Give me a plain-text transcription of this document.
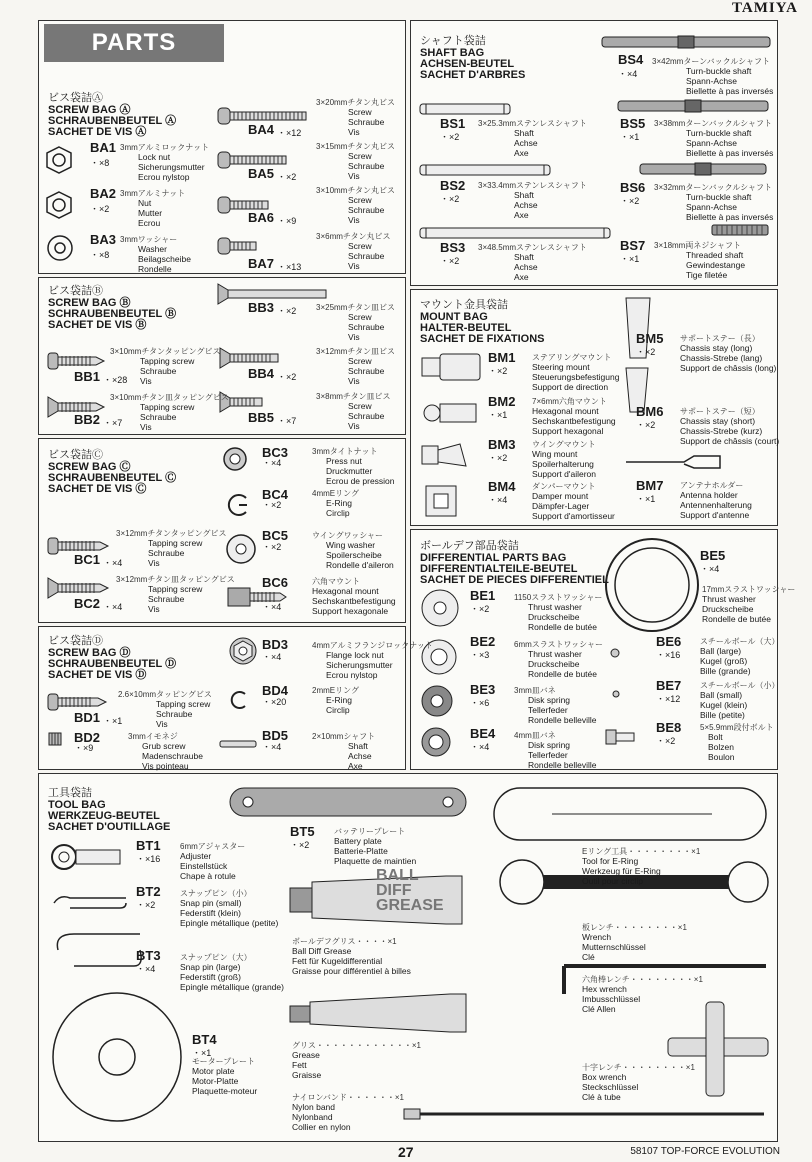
TAMIYA
PARTS
ビス袋詰Ⓐ
SCREW BAG Ⓐ
SCHRAUBENBEUTEL Ⓐ
SACHET DE VIS Ⓐ
ビス袋詰Ⓑ
SCREW BAG Ⓑ
SCHRAUBENBEUTEL Ⓑ
SACHET DE VIS Ⓑ
ビス袋詰Ⓒ
SCREW BAG Ⓒ
SCHRAUBENBEUTEL Ⓒ
SACHET DE VIS Ⓒ
ビス袋詰Ⓓ
SCREW BAG Ⓓ
SCHRAUBENBEUTEL Ⓓ
SACHET DE VIS Ⓓ
シャフト袋詰
SHAFT BAG
ACHSEN-BEUTEL
SACHET D'ARBRES
マウント金具袋詰
MOUNT BAG
HALTER-BEUTEL
SACHET DE FIXATIONS
ボールデフ部品袋詰
DIFFERENTIAL PARTS BAG
DIFFERENTIALTEILE-BEUTEL
SACHET DE PIECES DIFFERENTIEL
工具袋詰
TOOL BAG
WERKZEUG-BEUTEL
SACHET D'OUTILLAGE
BALL
DIFF
GREASE
BA1
・×8
3mmアルミロックナット
Lock nut
Sicherungsmutter
Ecrou nylstop
BA2
・×2
3mmアルミナット
Nut
Mutter
Ecrou
BA3
・×8
3mmワッシャー
Washer
Beilagscheibe
Rondelle
BA4 ・×12
3×20mmチタン丸ビス
Screw
Schraube
Vis
BA5 ・×2
3×15mmチタン丸ビス
Screw
Schraube
Vis
BA6 ・×9
3×10mmチタン丸ビス
Screw
Schraube
Vis
BA7 ・×13
3×6mmチタン丸ビス
Screw
Schraube
Vis
BB1 ・×28
3×10mmチタンタッピングビス
Tapping screw
Schraube
Vis
BB2 ・×7
3×10mmチタン皿タッピングビス
Tapping screw
Schraube
Vis
BB3 ・×2 3×25mmチタン皿ビス
Screw
Schraube
Vis
BB4 ・×2
3×12mmチタン皿ビス
Screw
Schraube
Vis
BB5 ・×7
3×8mmチタン皿ビス
Screw
Schraube
Vis
BC1 ・×4
3×12mmチタンタッピングビス
Tapping screw
Schraube
Vis
BC2 ・×4
3×12mmチタン皿タッピングビス
Tapping screw
Schraube
Vis
BC3
・×4
3mmタイトナット
Press nut
Druckmutter
Ecrou de pression
BC4
・×2
4mmEリング
E-Ring
Circlip
BC5
・×2
ウイングワッシャー
Wing washer
Spoilerscheibe
Rondelle d'aileron
BC6
・×4
六角マウント
Hexagonal mount
Sechskantbefestigung
Support hexagonale
BD1 ・×1
2.6×10mmタッピングビス
Tapping screw
Schraube
Vis
BD2
・×9
3mmイモネジ
Grub screw
Madenschraube
Vis pointeau
BD3
・×4
4mmアルミフランジロックナット
Flange lock nut
Sicherungsmutter
Ecrou nylstop
BD4
・×20
2mmEリング
E-Ring
Circlip
BD5
・×4
2×10mmシャフト
Shaft
Achse
Axe
BS1
・×2
3×25.3mmステンレスシャフト
Shaft
Achse
Axe
BS2
・×2
3×33.4mmステンレスシャフト
Shaft
Achse
Axe
BS3
・×2
3×48.5mmステンレスシャフト
Shaft
Achse
Axe
BS4
・×4
3×42mmターンバックルシャフト
Turn-buckle shaft
Spann-Achse
Biellette à pas inversés
BS5
・×1
3×38mmターンバックルシャフト
Turn-buckle shaft
Spann-Achse
Biellette à pas inversés
BS6
・×2
3×32mmターンバックルシャフト
Turn-buckle shaft
Spann-Achse
Biellette à pas inversés
BS7
・×1
3×18mm両ネジシャフト
Threaded shaft
Gewindestange
Tige filetée
BM1
・×2
ステアリングマウント
Steering mount
Steuerungsbefestigung
Support de direction
BM2
・×1
7×6mm六角マウント
Hexagonal mount
Sechskantbefestigung
Support hexagonal
BM3
・×2
ウイングマウント
Wing mount
Spoilerhalterung
Support d'aileron
BM4
・×4
ダンパーマウント
Damper mount
Dämpfer-Lager
Support d'amortisseur
BM5
・×2
サポートステー（長）
Chassis stay (long)
Chassis-Strebe (lang)
Support de châssis (long)
BM6
・×2
サポートステー（短）
Chassis stay (short)
Chassis-Strebe (kurz)
Support de châssis (court)
BM7
・×1
アンテナホルダー
Antenna holder
Antennenhalterung
Support d'antenne
BE1
・×2
1150スラストワッシャー
Thrust washer
Druckscheibe
Rondelle de butée
BE2
・×3
6mmスラストワッシャー
Thrust washer
Druckscheibe
Rondelle de butée
BE3
・×6
3mm皿バネ
Disk spring
Tellerfeder
Rondelle belleville
BE4
・×4
4mm皿バネ
Disk spring
Tellerfeder
Rondelle belleville
BE5
・×4
17mmスラストワッシャー
Thrust washer
Druckscheibe
Rondelle de butée
BE6
・×16
スチールボール（大）
Ball (large)
Kugel (groß)
Bille (grande)
BE7
・×12
スチールボール（小）
Ball (small)
Kugel (klein)
Bille (petite)
BE8
・×2
5×5.9mm段付ボルト
Bolt
Bolzen
Boulon
BT1
・×16
6mmアジャスター
Adjuster
Einstellstück
Chape à rotule
BT2
・×2
スナップピン（小）
Snap pin (small)
Federstift (klein)
Epingle métallique (petite)
BT3
・×4
スナップピン（大）
Snap pin (large)
Federstift (groß)
Epingle métallique (grande)
BT4
・×1
モータープレート
Motor plate
Motor-Platte
Plaquette-moteur
BT5
・×2
バッテリープレート
Battery plate
Batterie-Platte
Plaquette de maintien
Eリング工具・・・・・・・・×1
Tool for E-Ring
Werkzeug für E-Ring
Outil pour circlip
板レンチ・・・・・・・・×1
Wrench
Mutternschlüssel
Clé
六角棒レンチ・・・・・・・・×1
Hex wrench
Imbusschlüssel
Clé Allen
十字レンチ・・・・・・・・×1
Box wrench
Steckschlüssel
Clé à tube
ボールデフグリス・・・・×1
Ball Diff Grease
Fett für Kugeldifferential
Graisse pour différentiel à billes
グリス・・・・・・・・・・・・×1
Grease
Fett
Graisse
ナイロンバンド・・・・・・×1
Nylon band
Nylonband
Collier en nylon
27	58107 TOP-FORCE EVOLUTION
